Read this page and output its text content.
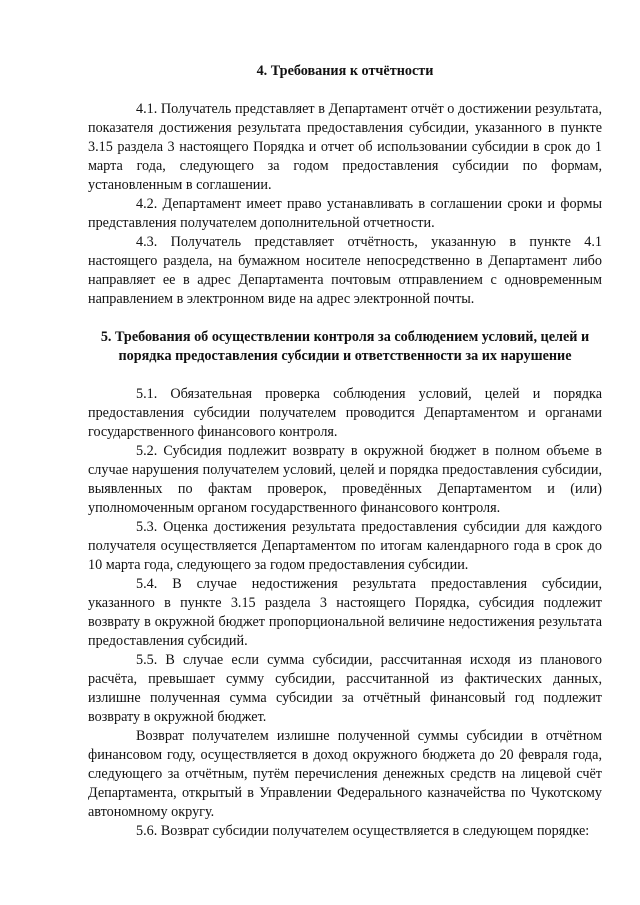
4. Требования к отчётности

4.1. Получатель представляет в Департамент отчёт о достижении результата, показателя достижения результата предоставления субсидии, указанного в пункте 3.15 раздела 3 настоящего Порядка и отчет об использовании субсидии в срок до 1 марта года, следующего за годом предоставления субсидии по формам, установленным в соглашении.

4.2. Департамент имеет право устанавливать в соглашении сроки и формы представления получателем дополнительной отчетности.

4.3. Получатель представляет отчётность, указанную в пункте 4.1 настоящего раздела, на бумажном носителе непосредственно в Департамент либо направляет ее в адрес Департамента почтовым отправлением с одновременным направлением в электронном виде на адрес электронной почты.

5. Требования об осуществлении контроля за соблюдением условий, целей и порядка предоставления субсидии и ответственности за их нарушение

5.1. Обязательная проверка соблюдения условий, целей и порядка предоставления субсидии получателем проводится Департаментом и органами государственного финансового контроля.

5.2. Субсидия подлежит возврату в окружной бюджет в полном объеме в случае нарушения получателем условий, целей и порядка предоставления субсидии, выявленных по фактам проверок, проведённых Департаментом и (или) уполномоченным органом государственного финансового контроля.

5.3. Оценка достижения результата предоставления субсидии для каждого получателя осуществляется Департаментом по итогам календарного года в срок до 10 марта года, следующего за годом предоставления субсидии.

5.4. В случае недостижения результата предоставления субсидии, указанного в пункте 3.15 раздела 3 настоящего Порядка, субсидия подлежит возврату в окружной бюджет пропорциональной величине недостижения результата предоставления субсидий.

5.5. В случае если сумма субсидии, рассчитанная исходя из планового расчёта, превышает сумму субсидии, рассчитанной из фактических данных, излишне полученная сумма субсидии за отчётный финансовый год подлежит возврату в окружной бюджет.

Возврат получателем излишне полученной суммы субсидии в отчётном финансовом году, осуществляется в доход окружного бюджета до 20 февраля года, следующего за отчётным, путём перечисления денежных средств на лицевой счёт Департамента, открытый в Управлении Федерального казначейства по Чукотскому автономному округу.

5.6. Возврат субсидии получателем осуществляется в следующем порядке:
